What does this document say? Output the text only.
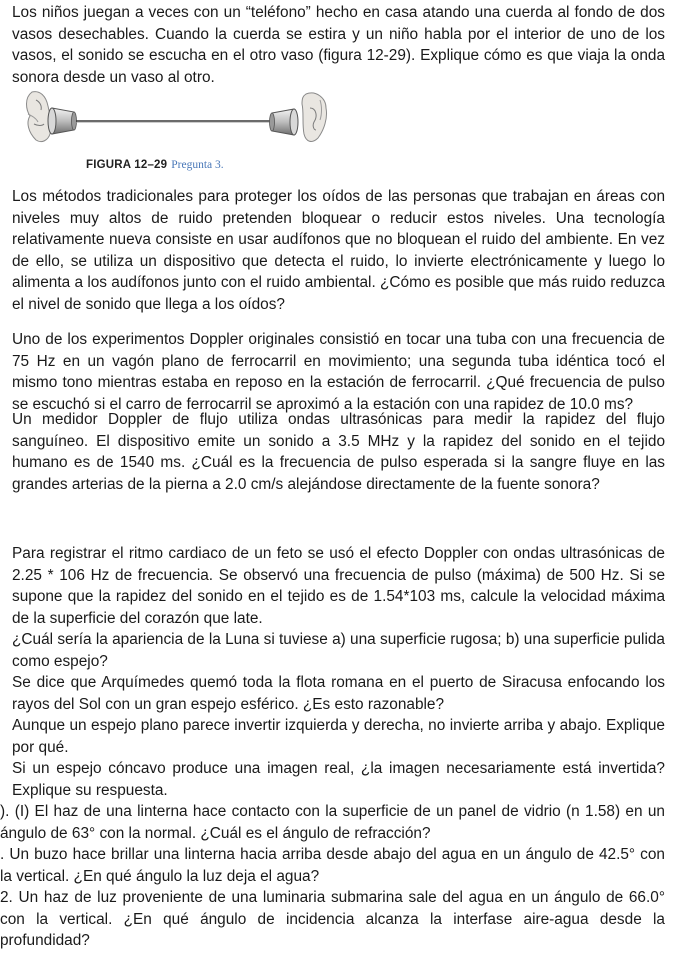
Los niños juegan a veces con un “teléfono” hecho en casa atando una cuerda al fondo de dos vasos desechables. Cuando la cuerda se estira y un niño habla por el interior de uno de los vasos, el sonido se escucha en el otro vaso (figura 12-29). Explique cómo es que viaja la onda sonora desde un vaso al otro.

FIGURA 12–29 Pregunta 3.

Los métodos tradicionales para proteger los oídos de las personas que trabajan en áreas con niveles muy altos de ruido pretenden bloquear o reducir estos niveles. Una tecnología relativamente nueva consiste en usar audífonos que no bloquean el ruido del ambiente. En vez de ello, se utiliza un dispositivo que detecta el ruido, lo invierte electrónicamente y luego lo alimenta a los audífonos junto con el ruido ambiental. ¿Cómo es posible que más ruido reduzca el nivel de sonido que llega a los oídos?

Uno de los experimentos Doppler originales consistió en tocar una tuba con una frecuencia de 75 Hz en un vagón plano de ferrocarril en movimiento; una segunda tuba idéntica tocó el mismo tono mientras estaba en reposo en la estación de ferrocarril. ¿Qué frecuencia de pulso se escuchó si el carro de ferrocarril se aproximó a la estación con una rapidez de 10.0 ms?

Un medidor Doppler de flujo utiliza ondas ultrasónicas para medir la rapidez del flujo sanguíneo. El dispositivo emite un sonido a 3.5 MHz y la rapidez del sonido en el tejido humano es de 1540 ms. ¿Cuál es la frecuencia de pulso esperada si la sangre fluye en las grandes arterias de la pierna a 2.0 cm/s alejándose directamente de la fuente sonora?

Para registrar el ritmo cardiaco de un feto se usó el efecto Doppler con ondas ultrasónicas de 2.25 * 106 Hz de frecuencia. Se observó una frecuencia de pulso (máxima) de 500 Hz. Si se supone que la rapidez del sonido en el tejido es de 1.54*103 ms, calcule la velocidad máxima de la superficie del corazón que late.

¿Cuál sería la apariencia de la Luna si tuviese a) una superficie rugosa; b) una superficie pulida como espejo?

Se dice que Arquímedes quemó toda la flota romana en el puerto de Siracusa enfocando los rayos del Sol con un gran espejo esférico. ¿Es esto razonable?

Aunque un espejo plano parece invertir izquierda y derecha, no invierte arriba y abajo. Explique por qué.

Si un espejo cóncavo produce una imagen real, ¿la imagen necesariamente está invertida? Explique su respuesta.

). (I) El haz de una linterna hace contacto con la superficie de un panel de vidrio (n 1.58) en un ángulo de 63° con la normal. ¿Cuál es el ángulo de refracción?

. Un buzo hace brillar una linterna hacia arriba desde abajo del agua en un ángulo de 42.5° con la vertical. ¿En qué ángulo la luz deja el agua?

2. Un haz de luz proveniente de una luminaria submarina sale del agua en un ángulo de 66.0° con la vertical. ¿En qué ángulo de incidencia alcanza la interfase aire-agua desde la profundidad?
